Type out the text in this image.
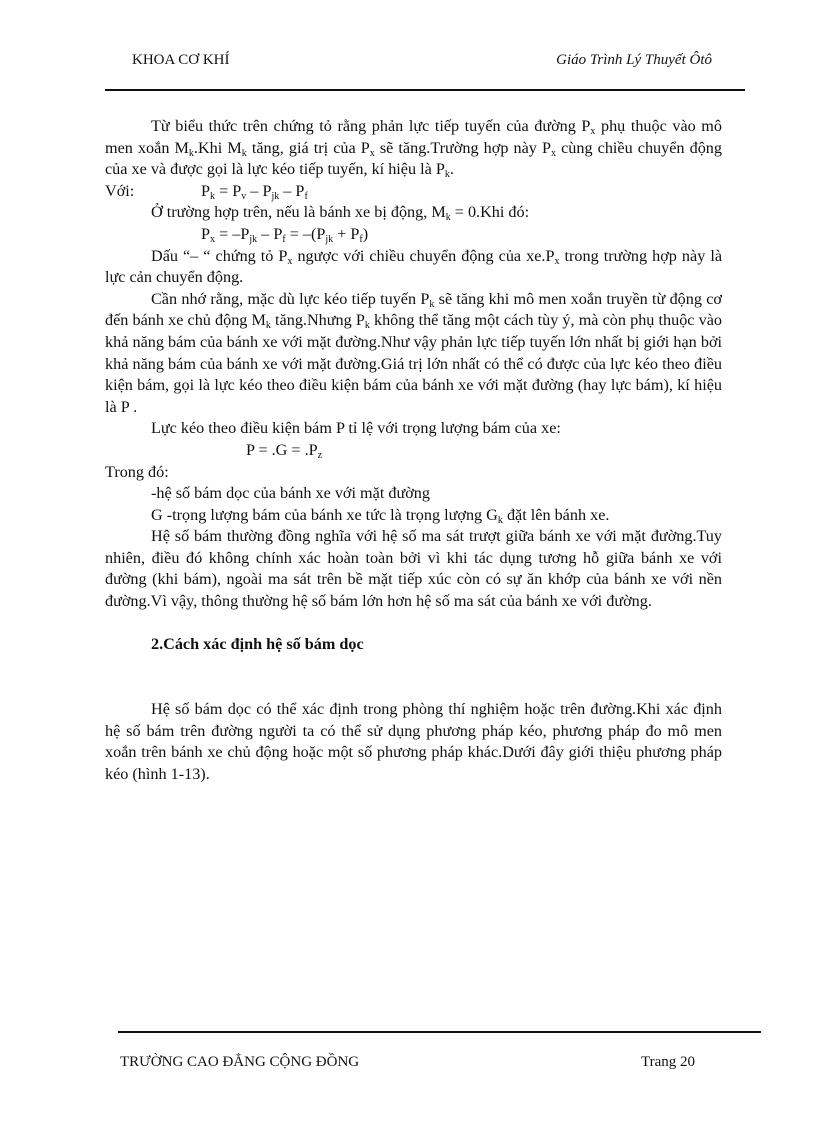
KHOA CƠ KHÍ	Giáo Trình Lý Thuyết Ôtô

Từ biểu thức trên chứng tỏ rằng phản lực tiếp tuyến của đường $P_x$ phụ thuộc vào mô men xoắn $M_k.Khi$ $M_k$ tăng, giá trị của $P_x$ sẽ tăng.Trường hợp này $P_x$ cùng chiều chuyển động của xe và được gọi là lực kéo tiếp tuyến, kí hiệu là $P_k$.

Với:	$P_k = P_v - P_{jk} - P_f$

Ở trường hợp trên, nếu là bánh xe bị động, $M_k = 0.Khi$ đó:

$P_x = -P_{jk} - P_f = -(P_{jk} + P_f)$

Dấu “– “ chứng tỏ $P_x$ ngược với chiều chuyển động của $xe.P_x$ trong trường hợp này là lực cản chuyển động.

Cần nhớ rằng, mặc dù lực kéo tiếp tuyến $P_k$ sẽ tăng khi mô men xoắn truyền từ động cơ đến bánh xe chủ động $M_k$ tăng.Nhưng $P_k$ không thể tăng một cách tùy ý, mà còn phụ thuộc vào khả năng bám của bánh xe với mặt đường.Như vậy phản lực tiếp tuyến lớn nhất bị giới hạn bởi khả năng bám của bánh xe với mặt đường.Giá trị lớn nhất có thể có được của lực kéo theo điều kiện bám, gọi là lực kéo theo điều kiện bám của bánh xe với mặt đường (hay lực bám), kí hiệu là P .

Lực kéo theo điều kiện bám P tỉ lệ với trọng lượng bám của xe:

$P = .G = .P_z$

Trong đó:

-hệ số bám dọc của bánh xe với mặt đường

G -trọng lượng bám của bánh xe tức là trọng lượng $G_k$ đặt lên bánh xe.

Hệ số bám thường đồng nghĩa với hệ số ma sát trượt giữa bánh xe với mặt đường.Tuy nhiên, điều đó không chính xác hoàn toàn bởi vì khi tác dụng tương hỗ giữa bánh xe với đường (khi bám), ngoài ma sát trên bề mặt tiếp xúc còn có sự ăn khớp của bánh xe với nền đường.Vì vậy, thông thường hệ số bám lớn hơn hệ số ma sát của bánh xe với đường.

2.Cách xác định hệ số bám dọc

Hệ số bám dọc có thể xác định trong phòng thí nghiệm hoặc trên đường.Khi xác định hệ số bám trên đường người ta có thể sử dụng phương pháp kéo, phương pháp đo mô men xoắn trên bánh xe chủ động hoặc một số phương pháp khác.Dưới đây giới thiệu phương pháp kéo (hình 1-13).

TRƯỜNG CAO ĐẲNG CỘNG ĐỒNG	Trang 20
